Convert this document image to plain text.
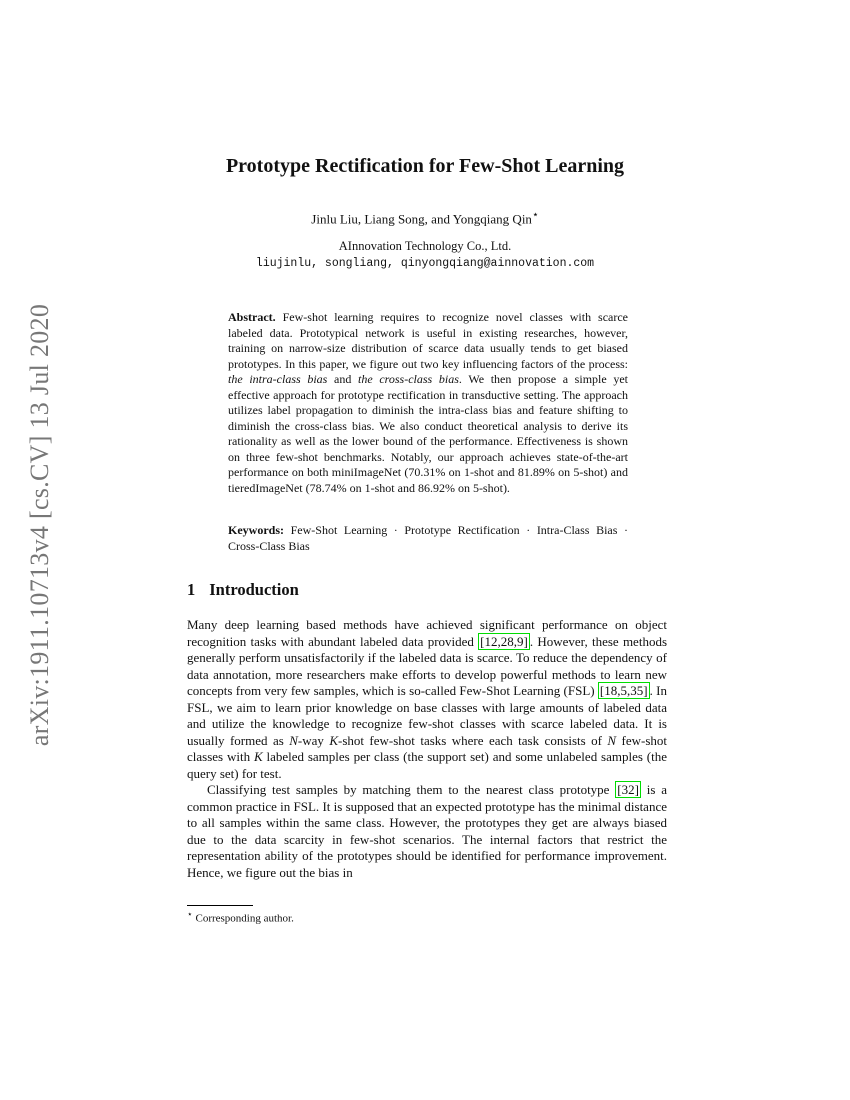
arXiv:1911.10713v4 [cs.CV] 13 Jul 2020
Prototype Rectification for Few-Shot Learning
Jinlu Liu, Liang Song, and Yongqiang Qin⋆
AInnovation Technology Co., Ltd.
liujinlu, songliang, qinyongqiang@ainnovation.com
Abstract. Few-shot learning requires to recognize novel classes with scarce labeled data. Prototypical network is useful in existing researches, however, training on narrow-size distribution of scarce data usually tends to get biased prototypes. In this paper, we figure out two key influencing factors of the process: the intra-class bias and the cross-class bias. We then propose a simple yet effective approach for prototype rectification in transductive setting. The approach utilizes label propagation to diminish the intra-class bias and feature shifting to diminish the cross-class bias. We also conduct theoretical analysis to derive its rationality as well as the lower bound of the performance. Effectiveness is shown on three few-shot benchmarks. Notably, our approach achieves state-of-the-art performance on both miniImageNet (70.31% on 1-shot and 81.89% on 5-shot) and tieredImageNet (78.74% on 1-shot and 86.92% on 5-shot).
Keywords: Few-Shot Learning · Prototype Rectification · Intra-Class Bias · Cross-Class Bias
1 Introduction

Many deep learning based methods have achieved significant performance on object recognition tasks with abundant labeled data provided [12,28,9] . However, these methods generally perform unsatisfactorily if the labeled data is scarce. To reduce the dependency of data annotation, more researchers make efforts to develop powerful methods to learn new concepts from very few samples, which is so-called Few-Shot Learning (FSL) [18,5,35] . In FSL, we aim to learn prior knowledge on base classes with large amounts of labeled data and utilize the knowledge to recognize few-shot classes with scarce labeled data. It is usually formed as N-way K-shot few-shot tasks where each task consists of N few-shot classes with K labeled samples per class (the support set) and some unlabeled samples (the query set) for test.

Classifying test samples by matching them to the nearest class prototype [32] is a common practice in FSL. It is supposed that an expected prototype has the minimal distance to all samples within the same class. However, the prototypes they get are always biased due to the data scarcity in few-shot scenarios. The internal factors that restrict the representation ability of the prototypes should be identified for performance improvement. Hence, we figure out the bias in

⋆ Corresponding author.
